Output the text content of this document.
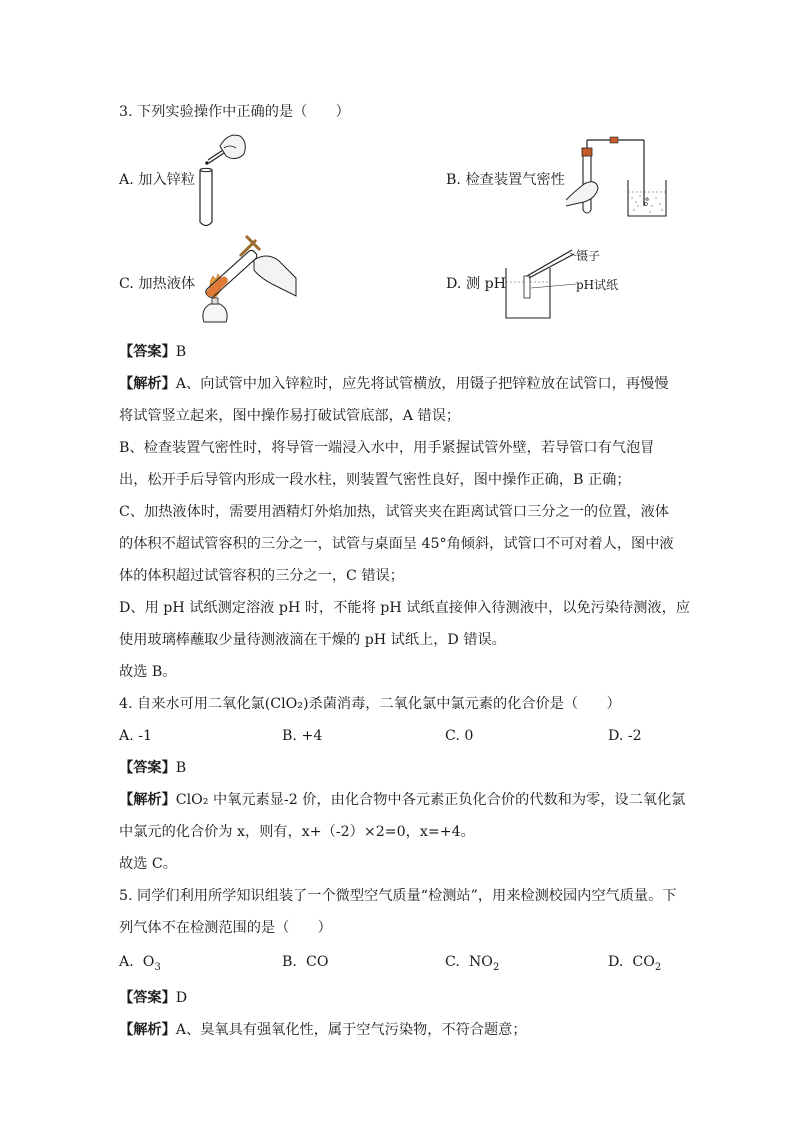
3. 下列实验操作中正确的是（　　）
A. 加入锌粒	B. 检查装置气密性
C. 加热液体
镊子
pH试纸
D. 测 pH
【答案】B
【解析】A、向试管中加入锌粒时，应先将试管横放，用镊子把锌粒放在试管口，再慢慢
将试管竖立起来，图中操作易打破试管底部，A 错误；
B、检查装置气密性时，将导管一端浸入水中，用手紧握试管外壁，若导管口有气泡冒
出，松开手后导管内形成一段水柱，则装置气密性良好，图中操作正确，B 正确；
C、加热液体时，需要用酒精灯外焰加热，试管夹夹在距离试管口三分之一的位置，液体
的体积不超试管容积的三分之一，试管与桌面呈 45°角倾斜，试管口不可对着人，图中液
体的体积超过试管容积的三分之一，C 错误；
D、用 pH 试纸测定溶液 pH 时，不能将 pH 试纸直接伸入待测液中，以免污染待测液，应
使用玻璃棒蘸取少量待测液滴在干燥的 pH 试纸上，D 错误。
故选 B。
4. 自来水可用二氧化氯(ClO₂)杀菌消毒，二氧化氯中氯元素的化合价是（　　）
A. -1	B. +4	C. 0	D. -2
【答案】B
【解析】ClO₂ 中氧元素显-2 价，由化合物中各元素正负化合价的代数和为零，设二氧化氯
中氯元的化合价为 x，则有，x+（-2）×2=0，x=+4。
故选 C。
5. 同学们利用所学知识组装了一个微型空气质量“检测站”，用来检测校园内空气质量。下
列气体不在检测范围的是（　　）
A. $O_3$	B. CO	C. $NO_2$	D. $CO_2$
【答案】D
【解析】A、臭氧具有强氧化性，属于空气污染物，不符合题意；
